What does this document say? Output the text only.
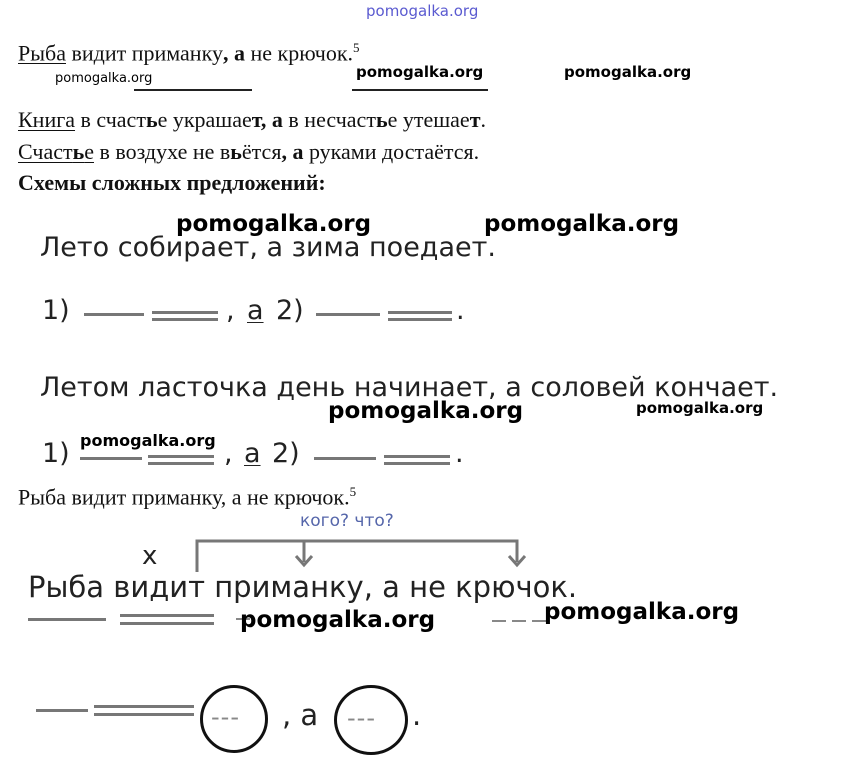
pomogalka.org
Рыба видит приманку, а не крючок.$^5$
pomogalka.org	pomogalka.org	pomogalka.org
Книга в счастье украшает, а в несчастье утешает.
Счастье в воздухе не вьётся, а руками достаётся.
Схемы сложных предложений:
pomogalka.org	pomogalka.org
Лето собирает, а зима поедает.
1)	, а 2)	.
Летом ласточка день начинает, а соловей кончает.
pomogalka.org	pomogalka.org
pomogalka.org
1)	, а 2)	.
Рыба видит приманку, а не крючок.$^5$
кого? что?
x
Рыба видит приманку, а не крючок.
pomogalka.org	pomogalka.org
--- , а --- .
